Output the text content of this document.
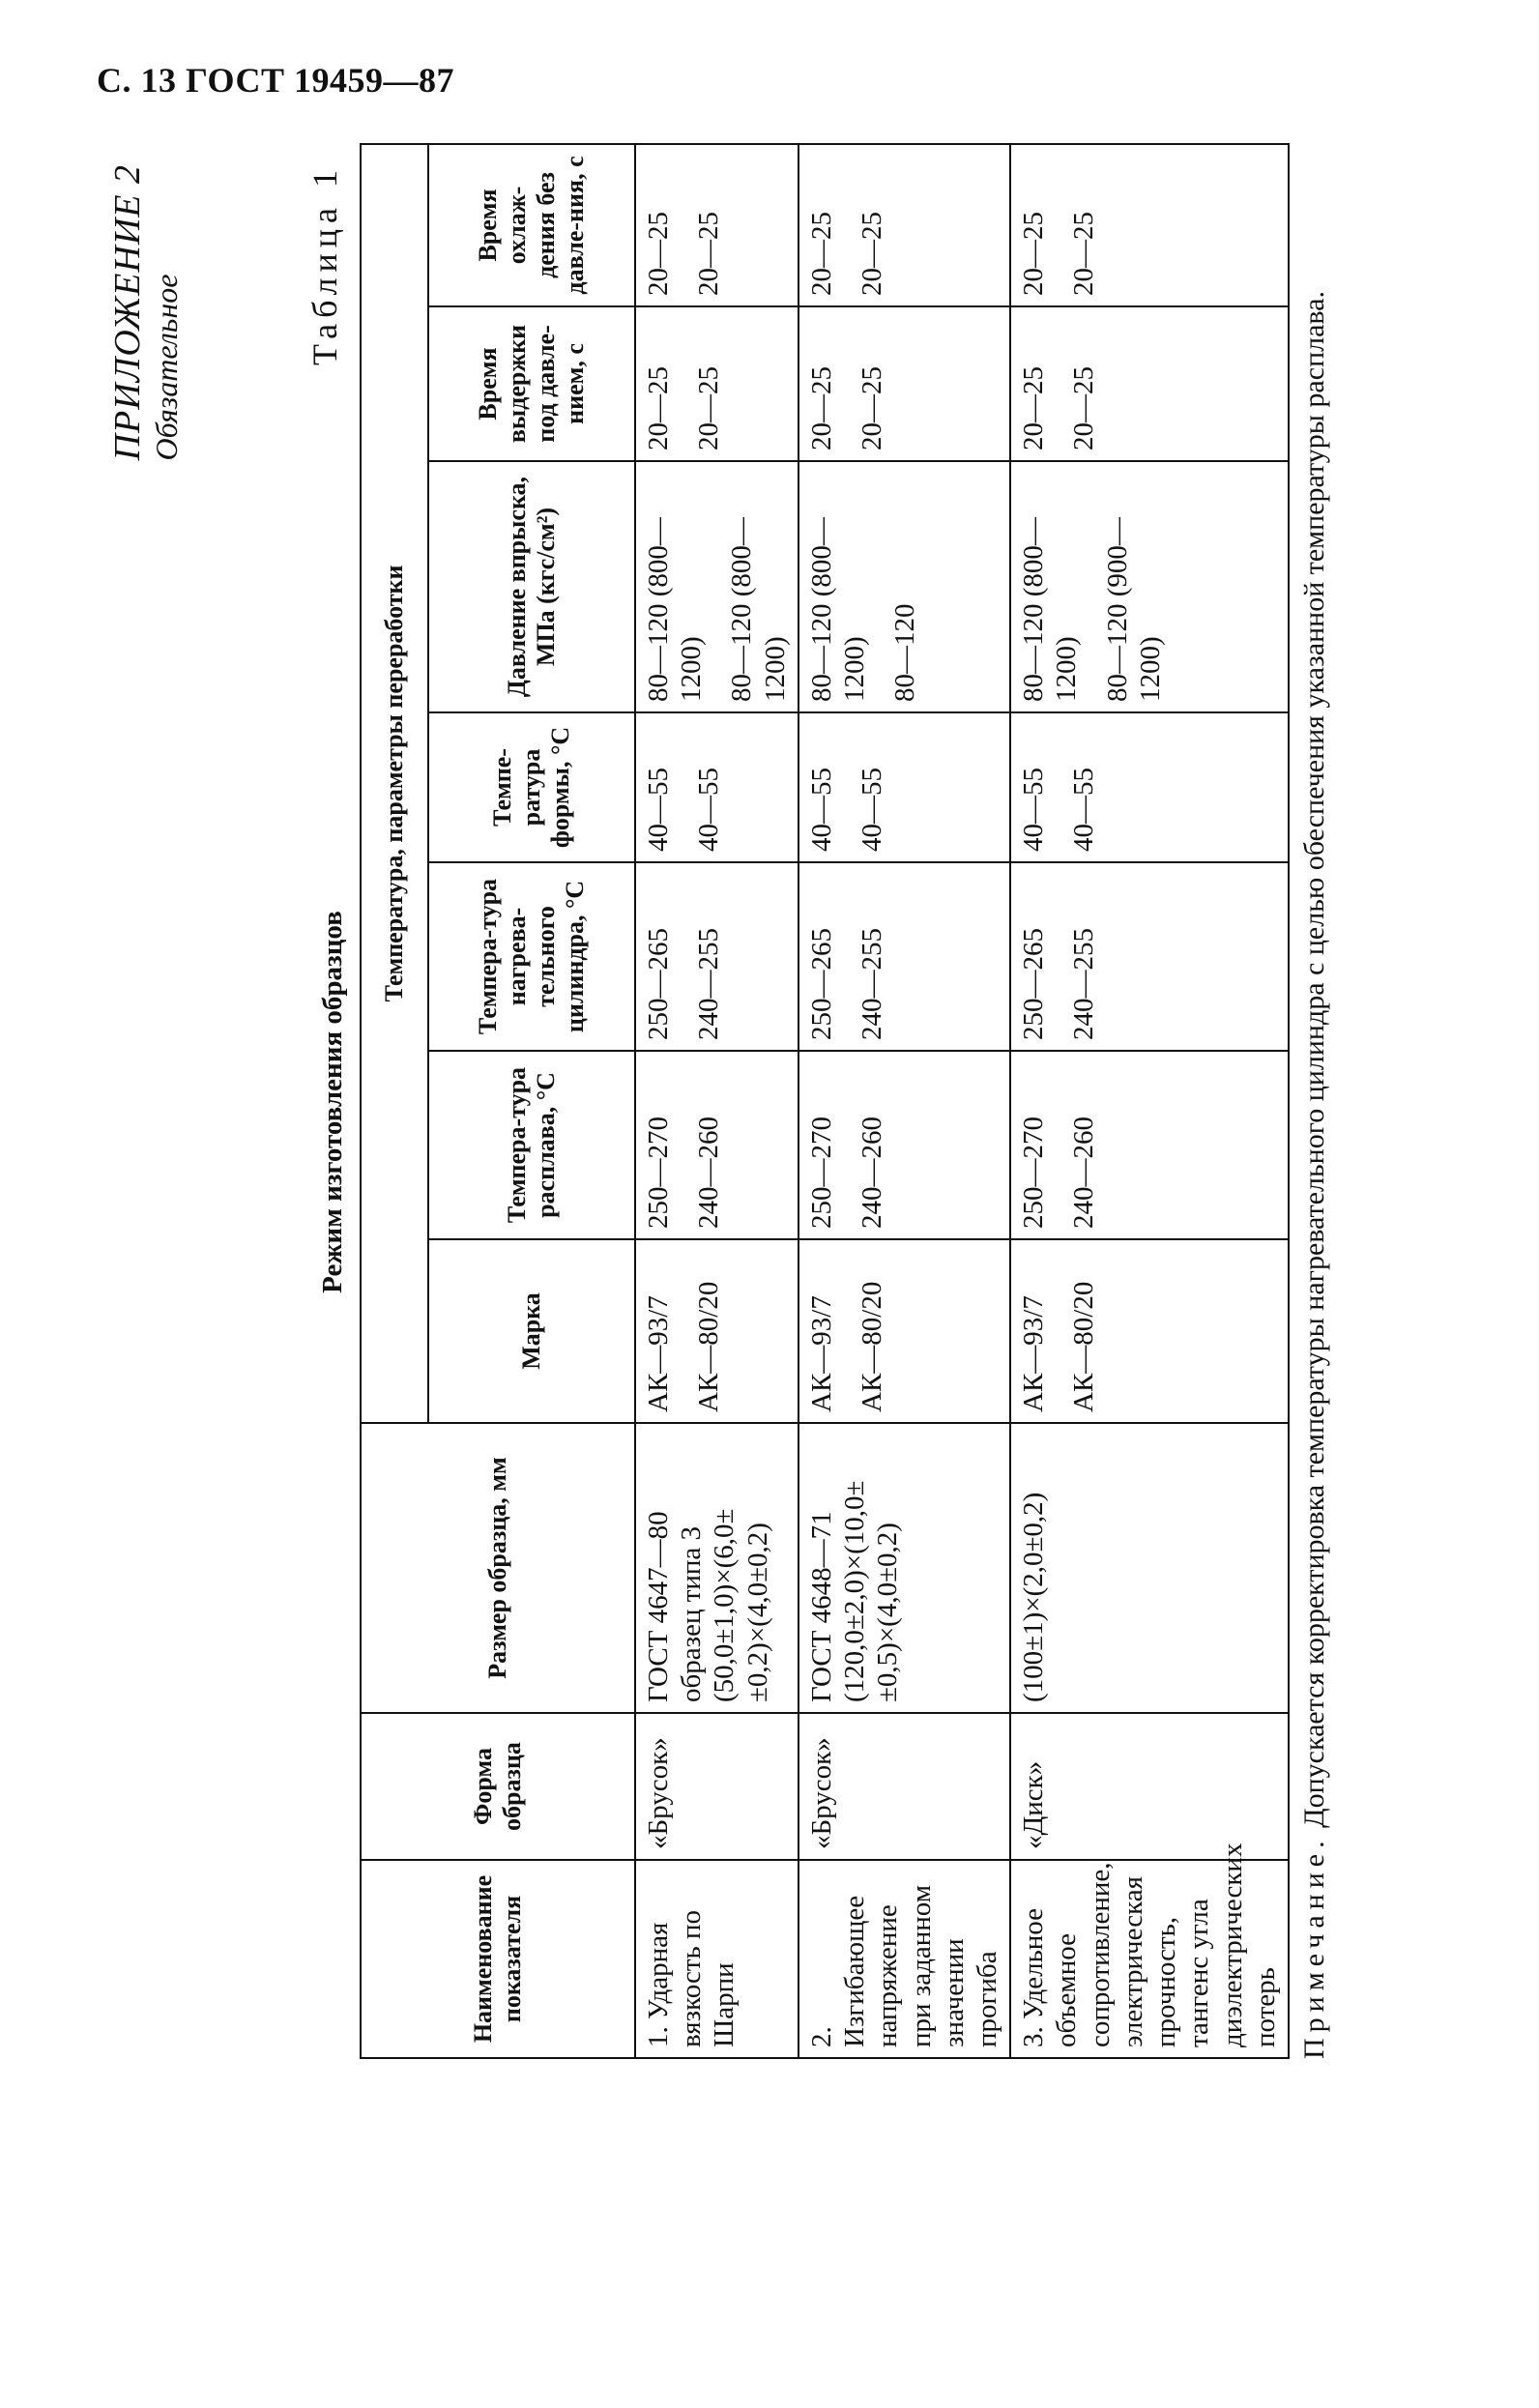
С. 13 ГОСТ 19459—87
ПРИЛОЖЕНИЕ 2 Обязательное
Таблица 1
Режим изготовления образцов
Наименование показателя	Форма образца	Размер образца, мм	Температура, параметры переработки						
			Марка	Темпера-тура расплава, °С	Темпера-тура нагрева-тельного цилиндра, °С	Темпе-ратура формы, °С	Давление впрыска, МПа (кгс/см²)	Время выдержки под давле-нием, с	Время охлаж-дения без давле-ния, с
1. Ударная вязкость по Шарпи	«Брусок»	ГОСТ 4647—80 образец типа 3 (50,0±1,0)×(6,0±±0,2)×(4,0±0,2)	АК—93/7 АК—80/20	250—270 240—260	250—265 240—255	40—55 40—55	80—120 (800—1200) 80—120 (800—1200)	20—25 20—25	20—25 20—25

2. Изгибающее напряжение при заданном значении прогиба	«Брусок»	ГОСТ 4648—71 (120,0±2,0)×(10,0±±0,5)×(4,0±0,2)	АК—93/7 АК—80/20	250—270 240—260	250—265 240—255	40—55 40—55	80—120 (800—1200) 80—120	20—25 20—25	20—25 20—25

3. Удельное объемное сопротивление, электрическая прочность, тангенс угла диэлектрических потерь	«Диск»	(100±1)×(2,0±0,2)	АК—93/7 АК—80/20	250—270 240—260	250—265 240—255	40—55 40—55	80—120 (800—1200) 80—120 (900—1200)	20—25 20—25	20—25 20—25
Примечание. Допускается корректировка температуры нагревательного цилиндра с целью обеспечения указанной температуры расплава.
